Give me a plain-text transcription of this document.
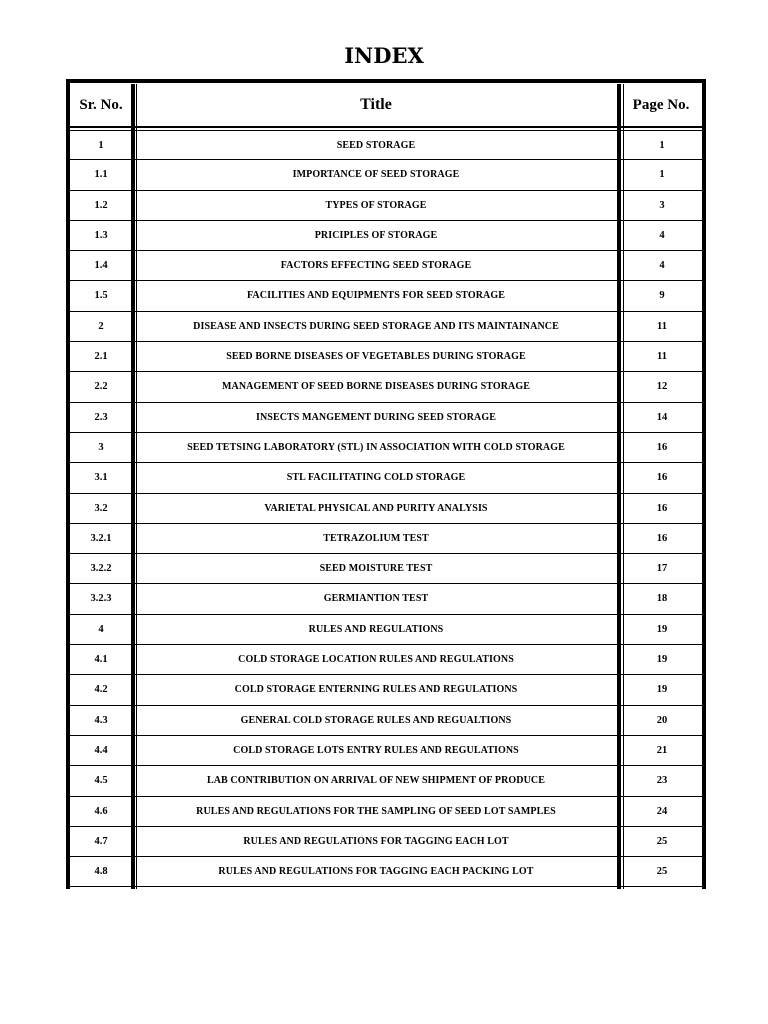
INDEX
Sr. No.	Title	Page No.
1	SEED STORAGE	1
1.1	IMPORTANCE OF SEED STORAGE	1
1.2	TYPES OF STORAGE	3
1.3	PRICIPLES OF STORAGE	4
1.4	FACTORS EFFECTING SEED STORAGE	4
1.5	FACILITIES AND EQUIPMENTS FOR SEED STORAGE	9
2	DISEASE AND INSECTS DURING SEED STORAGE AND ITS MAINTAINANCE	11
2.1	SEED BORNE DISEASES OF VEGETABLES DURING STORAGE	11
2.2	MANAGEMENT OF SEED BORNE DISEASES DURING STORAGE	12
2.3	INSECTS MANGEMENT DURING SEED STORAGE	14
3	SEED TETSING LABORATORY (STL) IN ASSOCIATION WITH COLD STORAGE	16
3.1	STL FACILITATING COLD STORAGE	16
3.2	VARIETAL PHYSICAL AND PURITY ANALYSIS	16
3.2.1	TETRAZOLIUM TEST	16
3.2.2	SEED MOISTURE TEST	17
3.2.3	GERMIANTION TEST	18
4	RULES AND REGULATIONS	19
4.1	COLD STORAGE LOCATION RULES AND REGULATIONS	19
4.2	COLD STORAGE ENTERNING RULES AND REGULATIONS	19
4.3	GENERAL COLD STORAGE RULES AND REGUALTIONS	20
4.4	COLD STORAGE LOTS ENTRY RULES AND REGULATIONS	21
4.5	LAB CONTRIBUTION ON ARRIVAL OF NEW SHIPMENT OF PRODUCE	23
4.6	RULES AND REGULATIONS FOR THE SAMPLING OF SEED LOT SAMPLES	24
4.7	RULES AND REGULATIONS FOR TAGGING EACH LOT	25
4.8	RULES AND REGULATIONS FOR TAGGING EACH PACKING LOT	25
